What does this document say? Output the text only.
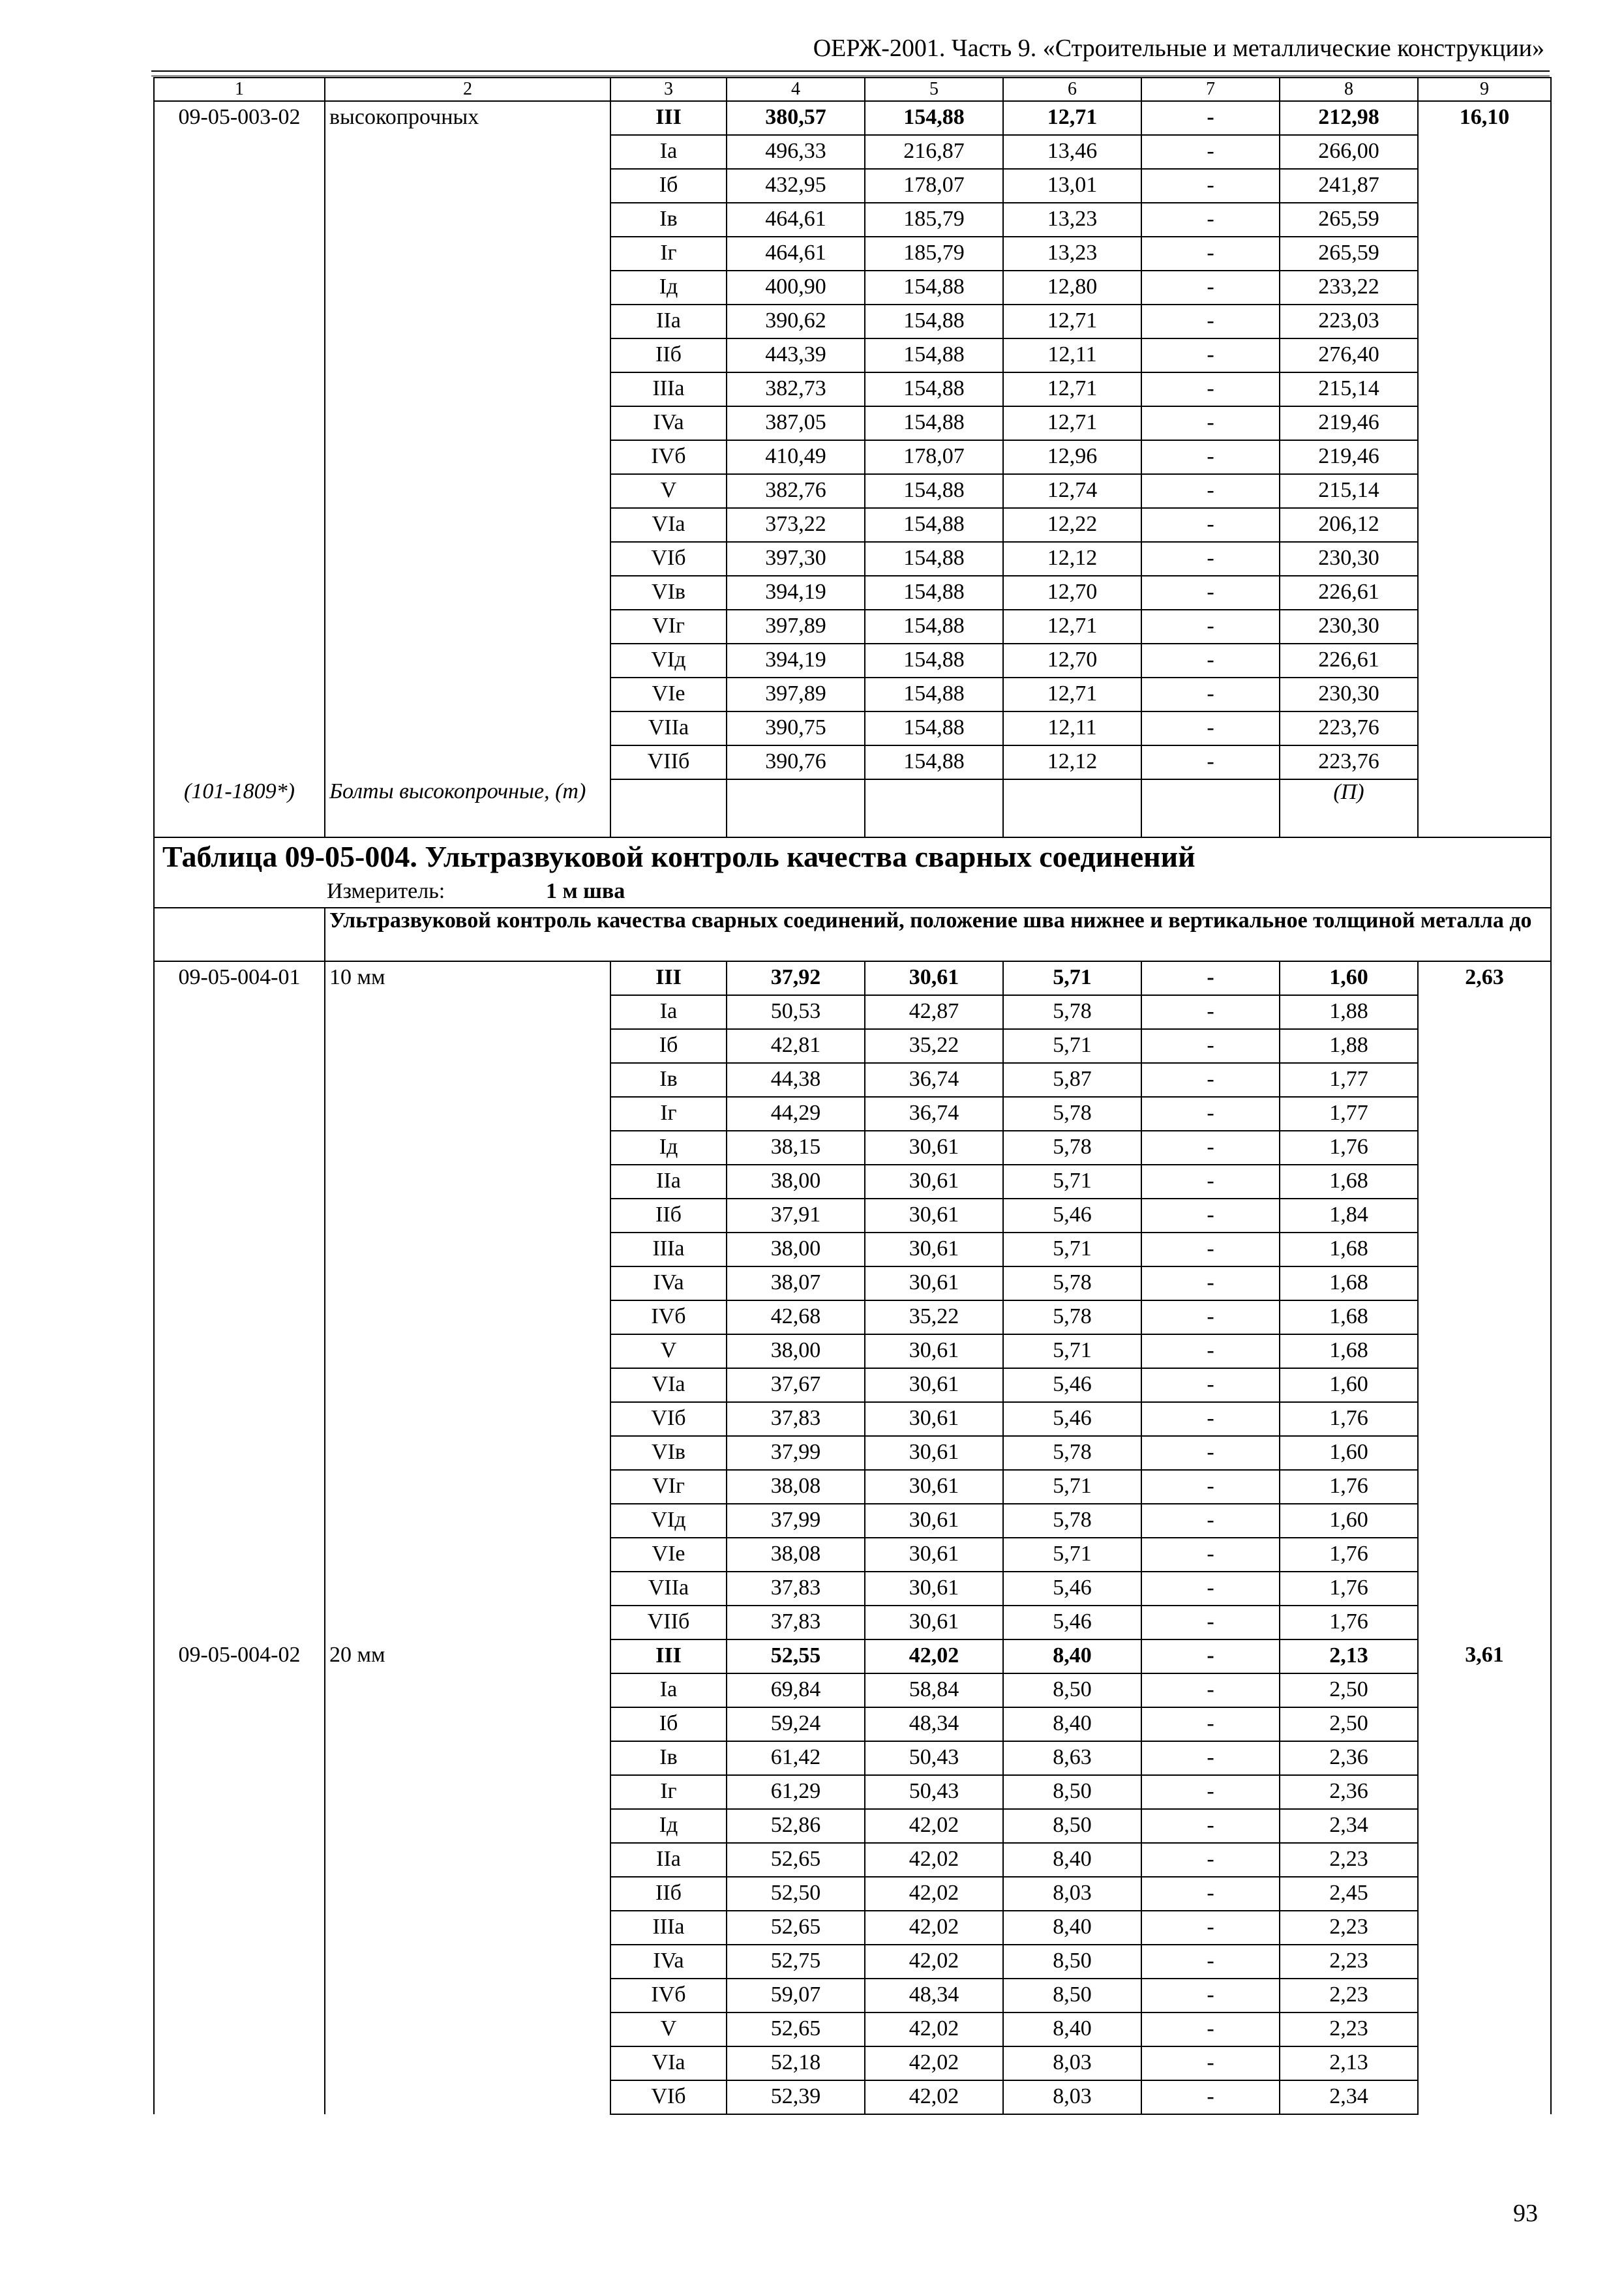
ОЕРЖ-2001. Часть 9. «Строительные и металлические конструкции»
1	2	3	4	5	6	7	8	9
09-05-003-02	высокопрочных	III	380,57	154,88	12,71	-	212,98	16,10
		Ia	496,33	216,87	13,46	-	266,00	
		Iб	432,95	178,07	13,01	-	241,87	
		Iв	464,61	185,79	13,23	-	265,59	
		Iг	464,61	185,79	13,23	-	265,59	
		Iд	400,90	154,88	12,80	-	233,22	
		IIa	390,62	154,88	12,71	-	223,03	
		IIб	443,39	154,88	12,11	-	276,40	
		IIIa	382,73	154,88	12,71	-	215,14	
		IVa	387,05	154,88	12,71	-	219,46	
		IVб	410,49	178,07	12,96	-	219,46	
		V	382,76	154,88	12,74	-	215,14	
		VIa	373,22	154,88	12,22	-	206,12	
		VIб	397,30	154,88	12,12	-	230,30	
		VIв	394,19	154,88	12,70	-	226,61	
		VIг	397,89	154,88	12,71	-	230,30	
		VIд	394,19	154,88	12,70	-	226,61	
		VIe	397,89	154,88	12,71	-	230,30	
		VIIa	390,75	154,88	12,11	-	223,76	
		VIIб	390,76	154,88	12,12	-	223,76	
(101-1809*)	Болты высокопрочные, (т)						(П)	
Таблица 09-05-004. Ультразвуковой контроль качества сварных соединений								
Измеритель: 1 м шва								
	Ультразвуковой контроль качества сварных соединений, положение шва нижнее и вертикальное толщиной металла до							
09-05-004-01	10 мм	III	37,92	30,61	5,71	-	1,60	2,63
		Ia	50,53	42,87	5,78	-	1,88	
		Iб	42,81	35,22	5,71	-	1,88	
		Iв	44,38	36,74	5,87	-	1,77	
		Iг	44,29	36,74	5,78	-	1,77	
		Iд	38,15	30,61	5,78	-	1,76	
		IIa	38,00	30,61	5,71	-	1,68	
		IIб	37,91	30,61	5,46	-	1,84	
		IIIa	38,00	30,61	5,71	-	1,68	
		IVa	38,07	30,61	5,78	-	1,68	
		IVб	42,68	35,22	5,78	-	1,68	
		V	38,00	30,61	5,71	-	1,68	
		VIa	37,67	30,61	5,46	-	1,60	
		VIб	37,83	30,61	5,46	-	1,76	
		VIв	37,99	30,61	5,78	-	1,60	
		VIг	38,08	30,61	5,71	-	1,76	
		VIд	37,99	30,61	5,78	-	1,60	
		VIe	38,08	30,61	5,71	-	1,76	
		VIIa	37,83	30,61	5,46	-	1,76	
		VIIб	37,83	30,61	5,46	-	1,76	
09-05-004-02	20 мм	III	52,55	42,02	8,40	-	2,13	3,61
		Ia	69,84	58,84	8,50	-	2,50	
		Iб	59,24	48,34	8,40	-	2,50	
		Iв	61,42	50,43	8,63	-	2,36	
		Iг	61,29	50,43	8,50	-	2,36	
		Iд	52,86	42,02	8,50	-	2,34	
		IIa	52,65	42,02	8,40	-	2,23	
		IIб	52,50	42,02	8,03	-	2,45	
		IIIa	52,65	42,02	8,40	-	2,23	
		IVa	52,75	42,02	8,50	-	2,23	
		IVб	59,07	48,34	8,50	-	2,23	
		V	52,65	42,02	8,40	-	2,23	
		VIa	52,18	42,02	8,03	-	2,13	
		VIб	52,39	42,02	8,03	-	2,34	
93
